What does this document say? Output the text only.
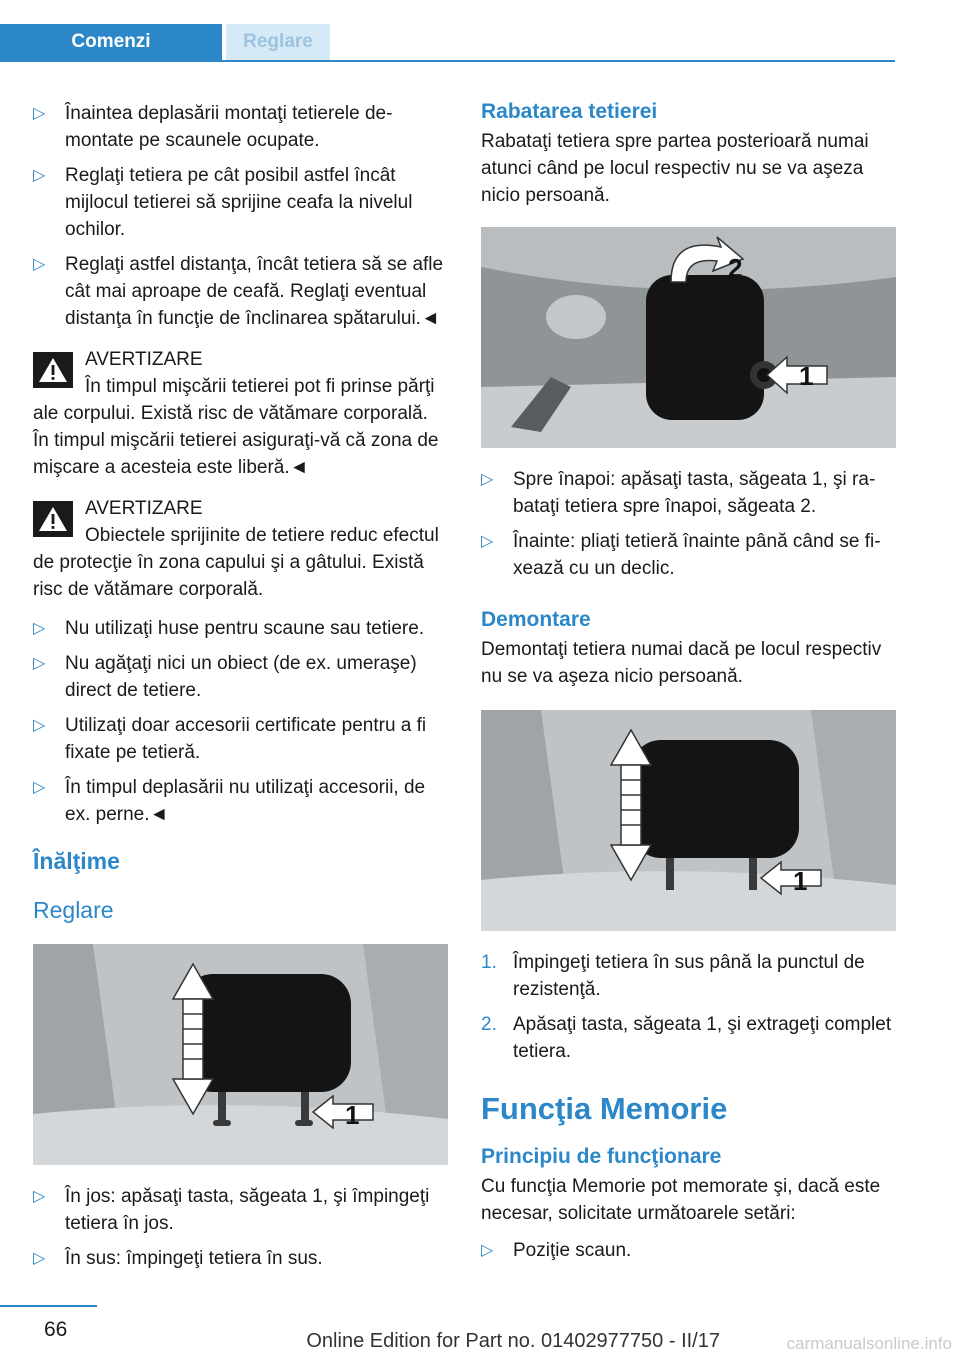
Comenzi	Reglare
▷ Înaintea deplasării montaţi tetierele demontate pe scaunele ocupate.
▷ Reglaţi tetiera pe cât posibil astfel încât mijlocul tetierei să sprijine ceafa la nivelul ochilor.
▷ Reglaţi astfel distanţa, încât tetiera să se afle cât mai aproape de ceafă. Reglaţi eventual distanţa în funcţie de înclinarea spătarului.◄
AVERTIZARE
În timpul mişcării tetierei pot fi prinse părţi ale corpului. Există risc de vătămare corporală. În timpul mişcării tetierei asiguraţi-vă că zona de mişcare a acesteia este liberă.◄
AVERTIZARE
Obiectele sprijinite de tetiere reduc efectul de protecţie în zona capului şi a gâtului. Există risc de vătămare corporală.
▷ Nu utilizaţi huse pentru scaune sau tetiere.
▷ Nu agăţaţi nici un obiect (de ex. umeraşe) direct de tetiere.
▷ Utilizaţi doar accesorii certificate pentru a fi fixate pe tetieră.
▷ În timpul deplasării nu utilizaţi accesorii, de ex. perne.◄
Înălţime
Reglare
1
▷ În jos: apăsaţi tasta, săgeata 1, şi împingeţi tetiera în jos.
▷ În sus: împingeţi tetiera în sus.
Rabatarea tetierei

Rabataţi tetiera spre partea posterioară numai atunci când pe locul respectiv nu se va aşeza nicio persoană.

2
1
▷ Spre înapoi: apăsaţi tasta, săgeata 1, şi rabataţi tetiera spre înapoi, săgeata 2.
▷ Înainte: pliaţi tetieră înainte până când se fixează cu un declic.
Demontare

Demontaţi tetiera numai dacă pe locul respectiv nu se va aşeza nicio persoană.

1
1. Împingeţi tetiera în sus până la punctul de rezistenţă.
2. Apăsaţi tasta, săgeata 1, şi extrageţi complet tetiera.
Funcţia Memorie
Principiu de funcţionare

Cu funcţia Memorie pot memorate şi, dacă este necesar, solicitate următoarele setări:

▷ Poziţie scaun.
66	Online Edition for Part no. 01402977750 - II/17	carmanualsonline.info
